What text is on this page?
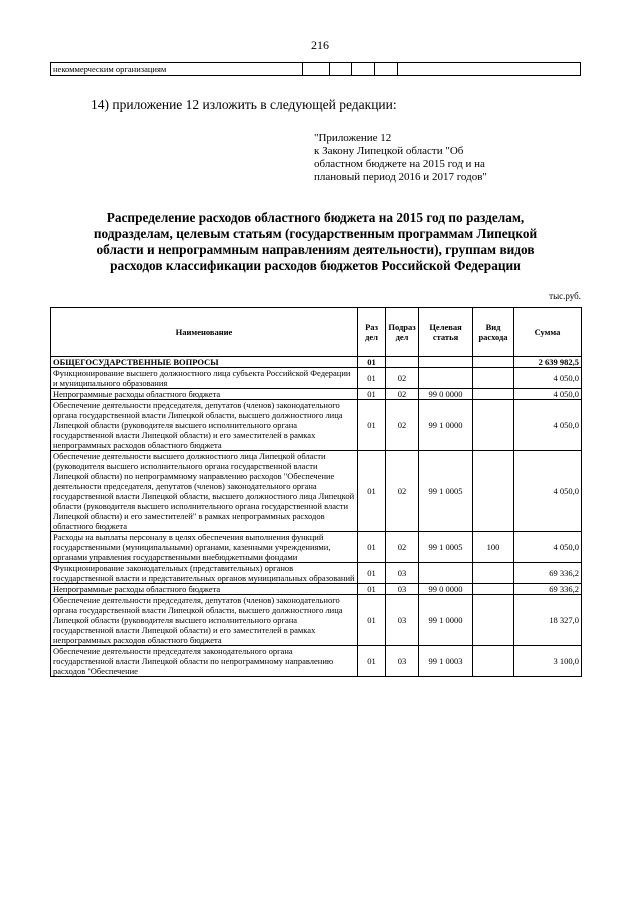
216
некоммерческим организациям					
14) приложение 12 изложить в следующей редакции:
"Приложение 12
к Закону Липецкой области "Об
областном бюджете на 2015 год и на
плановый период 2016 и 2017 годов"
Распределение расходов областного бюджета на 2015 год по разделам,
подразделам, целевым статьям (государственным программам Липецкой
области и непрограммным направлениям деятельности), группам видов
расходов классификации расходов бюджетов Российской Федерации
тыс.руб.
Наименование	Раз дел	Подраз дел	Целевая статья	Вид расхода	Сумма
ОБЩЕГОСУДАРСТВЕННЫЕ ВОПРОСЫ	01				2 639 982,5
Функционирование высшего должностного лица субъекта Российской Федерации и муниципального образования	01	02			4 050,0
Непрограммные расходы областного бюджета	01	02	99 0 0000		4 050,0
Обеспечение деятельности председателя, депутатов (членов) законодательного органа государственной власти Липецкой области, высшего должностного лица Липецкой области (руководителя высшего исполнительного органа государственной власти Липецкой области) и его заместителей в рамках непрограммных расходов областного бюджета	01	02	99 1 0000		4 050,0
Обеспечение деятельности высшего должностного лица Липецкой области (руководителя высшего исполнительного органа государственной власти Липецкой области) по непрограммному направлению расходов "Обеспечение деятельности председателя, депутатов (членов) законодательного органа государственной власти Липецкой области, высшего должностного лица Липецкой области (руководителя высшего исполнительного органа государственной власти Липецкой области) и его заместителей" в рамках непрограммных расходов областного бюджета	01	02	99 1 0005		4 050,0
Расходы на выплаты персоналу в целях обеспечения выполнения функций государственными (муниципальными) органами, казенными учреждениями, органами управления государственными внебюджетными фондами	01	02	99 1 0005	100	4 050,0
Функционирование законодательных (представительных) органов государственной власти и представительных органов муниципальных образований	01	03			69 336,2
Непрограммные расходы областного бюджета	01	03	99 0 0000		69 336,2
Обеспечение деятельности председателя, депутатов (членов) законодательного органа государственной власти Липецкой области, высшего должностного лица Липецкой области (руководителя высшего исполнительного органа государственной власти Липецкой области) и его заместителей в рамках непрограммных расходов областного бюджета	01	03	99 1 0000		18 327,0
Обеспечение деятельности председателя законодательного органа государственной власти Липецкой области по непрограммному направлению расходов "Обеспечение	01	03	99 1 0003		3 100,0
